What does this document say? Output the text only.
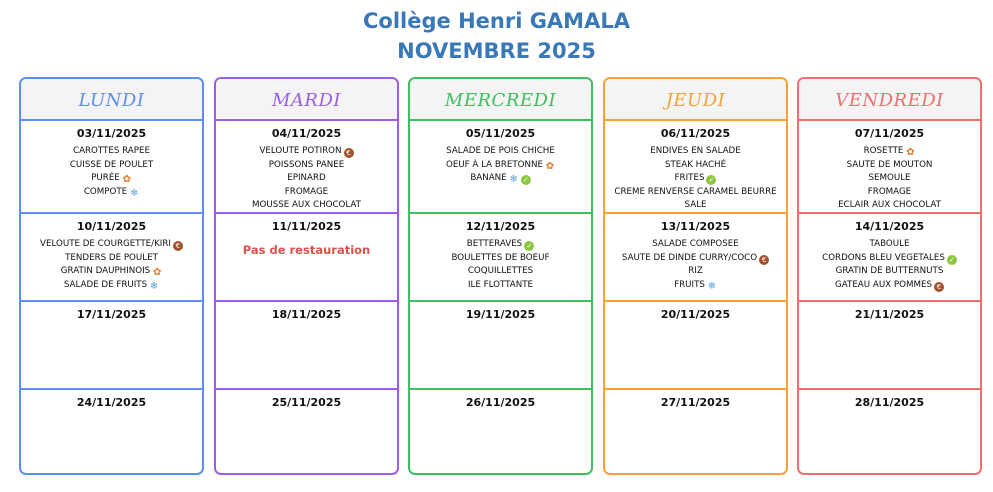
Collège Henri GAMALA
NOVEMBRE 2025
LUNDI
03/11/2025
CAROTTES RAPEE
CUISSE DE POULET
PURÉE ✿
COMPOTE ❄
10/11/2025
VELOUTE DE COURGETTE/KIRI €
TENDERS DE POULET
GRATIN DAUPHINOIS ✿
SALADE DE FRUITS ❄
17/11/2025
24/11/2025
MARDI
04/11/2025
VELOUTE POTIRON €
POISSONS PANEE
EPINARD
FROMAGE
MOUSSE AUX CHOCOLAT
11/11/2025
Pas de restauration
18/11/2025
25/11/2025
MERCREDI
05/11/2025
SALADE DE POIS CHICHE
OEUF À LA BRETONNE ✿
BANANE ❄ ✓
12/11/2025
BETTERAVES ✓
BOULETTES DE BOEUF
COQUILLETTES
ILE FLOTTANTE
19/11/2025
26/11/2025
JEUDI
06/11/2025
ENDIVES EN SALADE
STEAK HACHÉ
FRITES ✓
CREME RENVERSE CARAMEL BEURRE
SALE
13/11/2025
SALADE COMPOSEE
SAUTE DE DINDE CURRY/COCO €
RIZ
FRUITS ❄
20/11/2025
27/11/2025
VENDREDI
07/11/2025
ROSETTE ✿
SAUTE DE MOUTON
SEMOULE
FROMAGE
ECLAIR AUX CHOCOLAT
14/11/2025
TABOULE
CORDONS BLEU VEGETALES ✓
GRATIN DE BUTTERNUTS
GATEAU AUX POMMES €
21/11/2025
28/11/2025
